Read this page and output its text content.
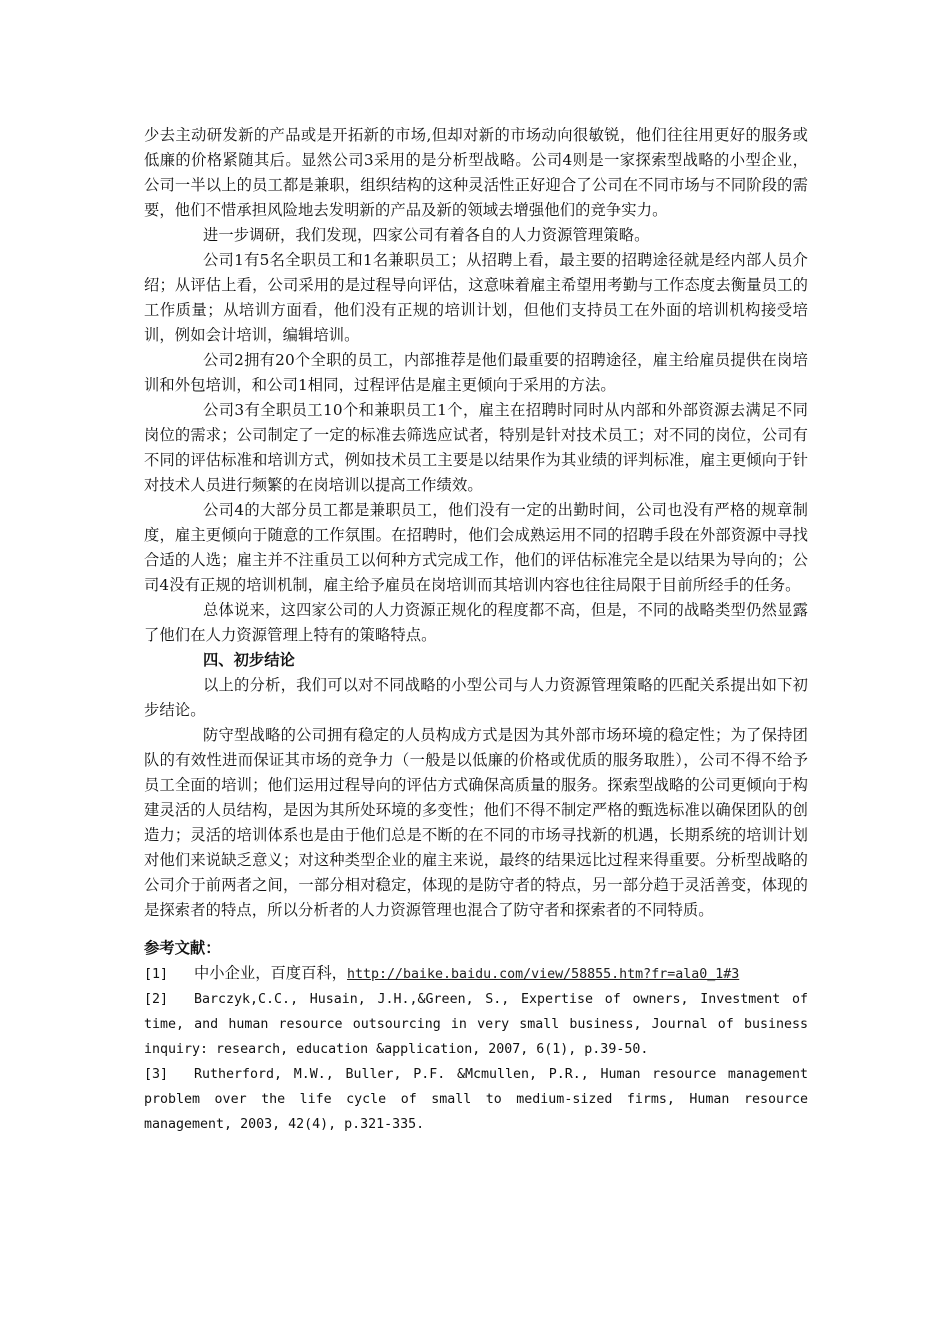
少去主动研发新的产品或是开拓新的市场,但却对新的市场动向很敏锐，他们往往用更好的服务或低廉的价格紧随其后。显然公司3采用的是分析型战略。公司4则是一家探索型战略的小型企业，公司一半以上的员工都是兼职，组织结构的这种灵活性正好迎合了公司在不同市场与不同阶段的需要，他们不惜承担风险地去发明新的产品及新的领域去增强他们的竞争实力。

进一步调研，我们发现，四家公司有着各自的人力资源管理策略。

公司1有5名全职员工和1名兼职员工；从招聘上看，最主要的招聘途径就是经内部人员介绍；从评估上看，公司采用的是过程导向评估，这意味着雇主希望用考勤与工作态度去衡量员工的工作质量；从培训方面看，他们没有正规的培训计划，但他们支持员工在外面的培训机构接受培训，例如会计培训，编辑培训。

公司2拥有20个全职的员工，内部推荐是他们最重要的招聘途径，雇主给雇员提供在岗培训和外包培训，和公司1相同，过程评估是雇主更倾向于采用的方法。

公司3有全职员工10个和兼职员工1个，雇主在招聘时同时从内部和外部资源去满足不同岗位的需求；公司制定了一定的标准去筛选应试者，特别是针对技术员工；对不同的岗位，公司有不同的评估标准和培训方式，例如技术员工主要是以结果作为其业绩的评判标准，雇主更倾向于针对技术人员进行频繁的在岗培训以提高工作绩效。

公司4的大部分员工都是兼职员工，他们没有一定的出勤时间，公司也没有严格的规章制度，雇主更倾向于随意的工作氛围。在招聘时，他们会成熟运用不同的招聘手段在外部资源中寻找合适的人选；雇主并不注重员工以何种方式完成工作，他们的评估标准完全是以结果为导向的；公司4没有正规的培训机制，雇主给予雇员在岗培训而其培训内容也往往局限于目前所经手的任务。

总体说来，这四家公司的人力资源正规化的程度都不高，但是，不同的战略类型仍然显露了他们在人力资源管理上特有的策略特点。

四、初步结论

以上的分析，我们可以对不同战略的小型公司与人力资源管理策略的匹配关系提出如下初步结论。

防守型战略的公司拥有稳定的人员构成方式是因为其外部市场环境的稳定性；为了保持团队的有效性进而保证其市场的竞争力（一般是以低廉的价格或优质的服务取胜），公司不得不给予员工全面的培训；他们运用过程导向的评估方式确保高质量的服务。探索型战略的公司更倾向于构建灵活的人员结构，是因为其所处环境的多变性；他们不得不制定严格的甄选标准以确保团队的创造力；灵活的培训体系也是由于他们总是不断的在不同的市场寻找新的机遇，长期系统的培训计划对他们来说缺乏意义；对这种类型企业的雇主来说，最终的结果远比过程来得重要。分析型战略的公司介于前两者之间，一部分相对稳定，体现的是防守者的特点，另一部分趋于灵活善变，体现的是探索者的特点，所以分析者的人力资源管理也混合了防守者和探索者的不同特质。

参考文献：

[1] 中小企业，百度百科，http://baike.baidu.com/view/58855.htm?fr=ala0_1#3
[2] Barczyk,C.C., Husain, J.H.,&Green, S., Expertise of owners, Investment of time, and human resource outsourcing in very small business, Journal of business inquiry: research, education &application, 2007, 6(1), p.39-50.
[3] Rutherford, M.W., Buller, P.F. &Mcmullen, P.R., Human resource management problem over the life cycle of small to medium-sized firms, Human resource management, 2003, 42(4), p.321-335.
